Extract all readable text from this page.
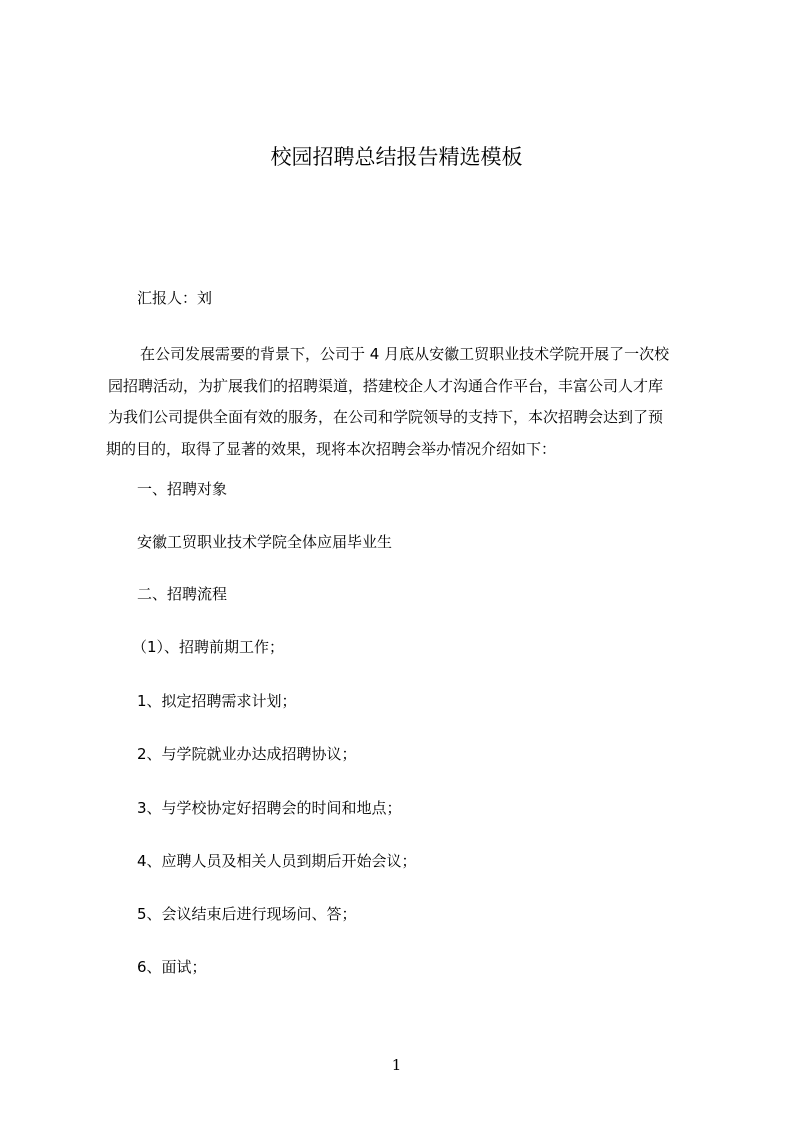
校园招聘总结报告精选模板

汇报人：刘

在公司发展需要的背景下，公司于 4 月底从安徽工贸职业技术学院开展了一次校
园招聘活动，为扩展我们的招聘渠道，搭建校企人才沟通合作平台，丰富公司人才库
为我们公司提供全面有效的服务，在公司和学院领导的支持下，本次招聘会达到了预
期的目的，取得了显著的效果，现将本次招聘会举办情况介绍如下：

一、招聘对象

安徽工贸职业技术学院全体应届毕业生

二、招聘流程

（1）、招聘前期工作；

1、拟定招聘需求计划；

2、与学院就业办达成招聘协议；

3、与学校协定好招聘会的时间和地点；

4、应聘人员及相关人员到期后开始会议；

5、会议结束后进行现场问、答；

6、面试；

1
